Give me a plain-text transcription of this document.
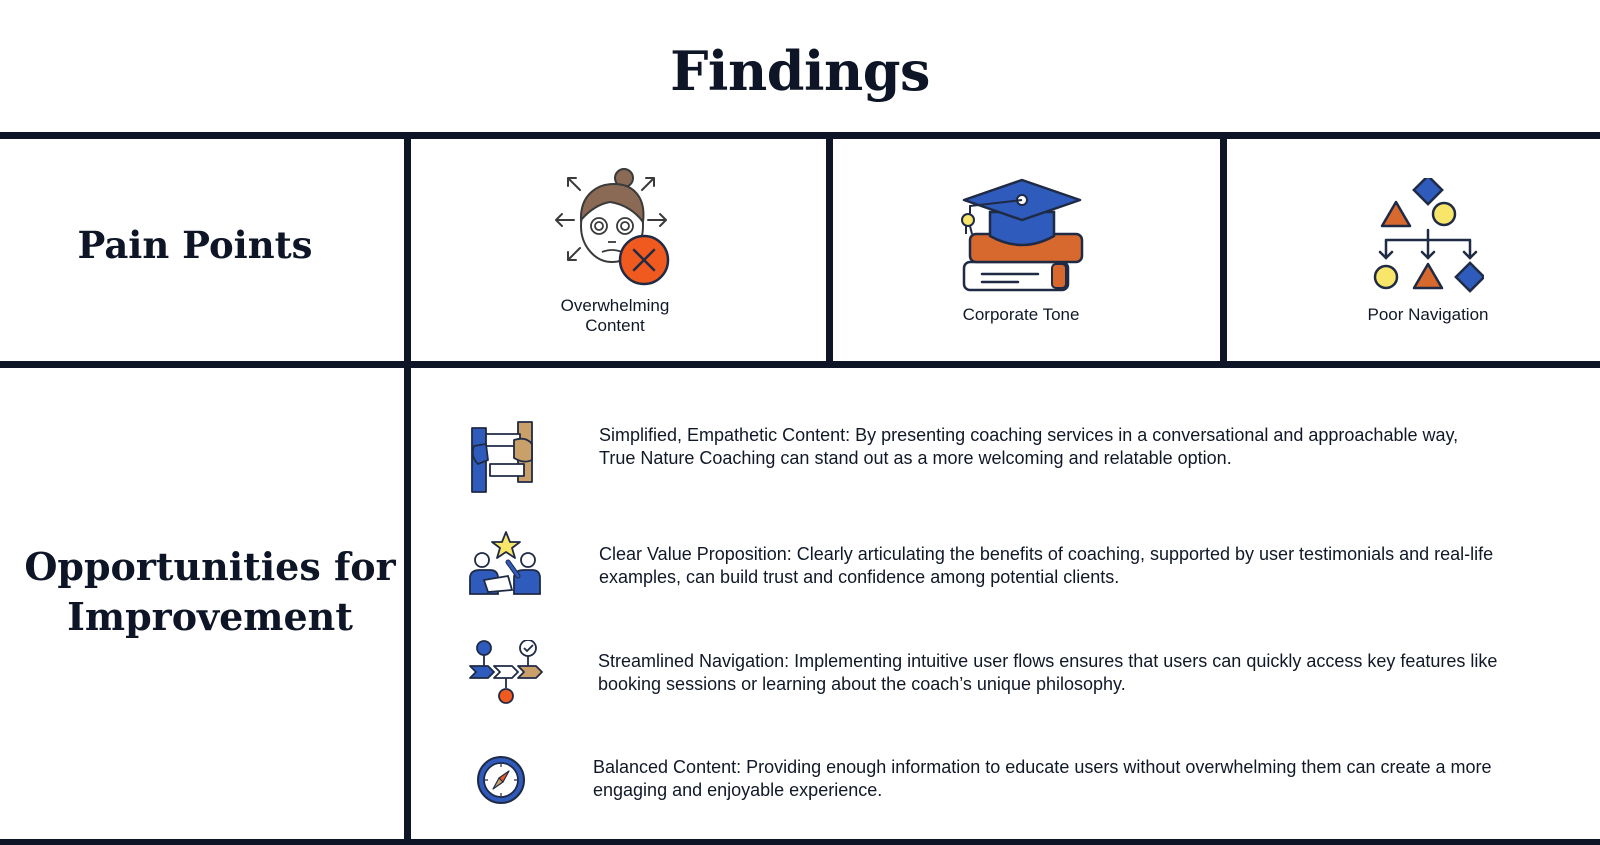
Findings
Pain Points
Opportunities for Improvement
Overwhelming
Content
Corporate Tone	Poor Navigation
Simplified, Empathetic Content: By presenting coaching services in a conversational and approachable way, True Nature Coaching can stand out as a more welcoming and relatable option.
Clear Value Proposition: Clearly articulating the benefits of coaching, supported by user testimonials and real-life examples, can build trust and confidence among potential clients.
Streamlined Navigation: Implementing intuitive user flows ensures that users can quickly access key features like booking sessions or learning about the coach’s unique philosophy.
Balanced Content: Providing enough information to educate users without overwhelming them can create a more engaging and enjoyable experience.
